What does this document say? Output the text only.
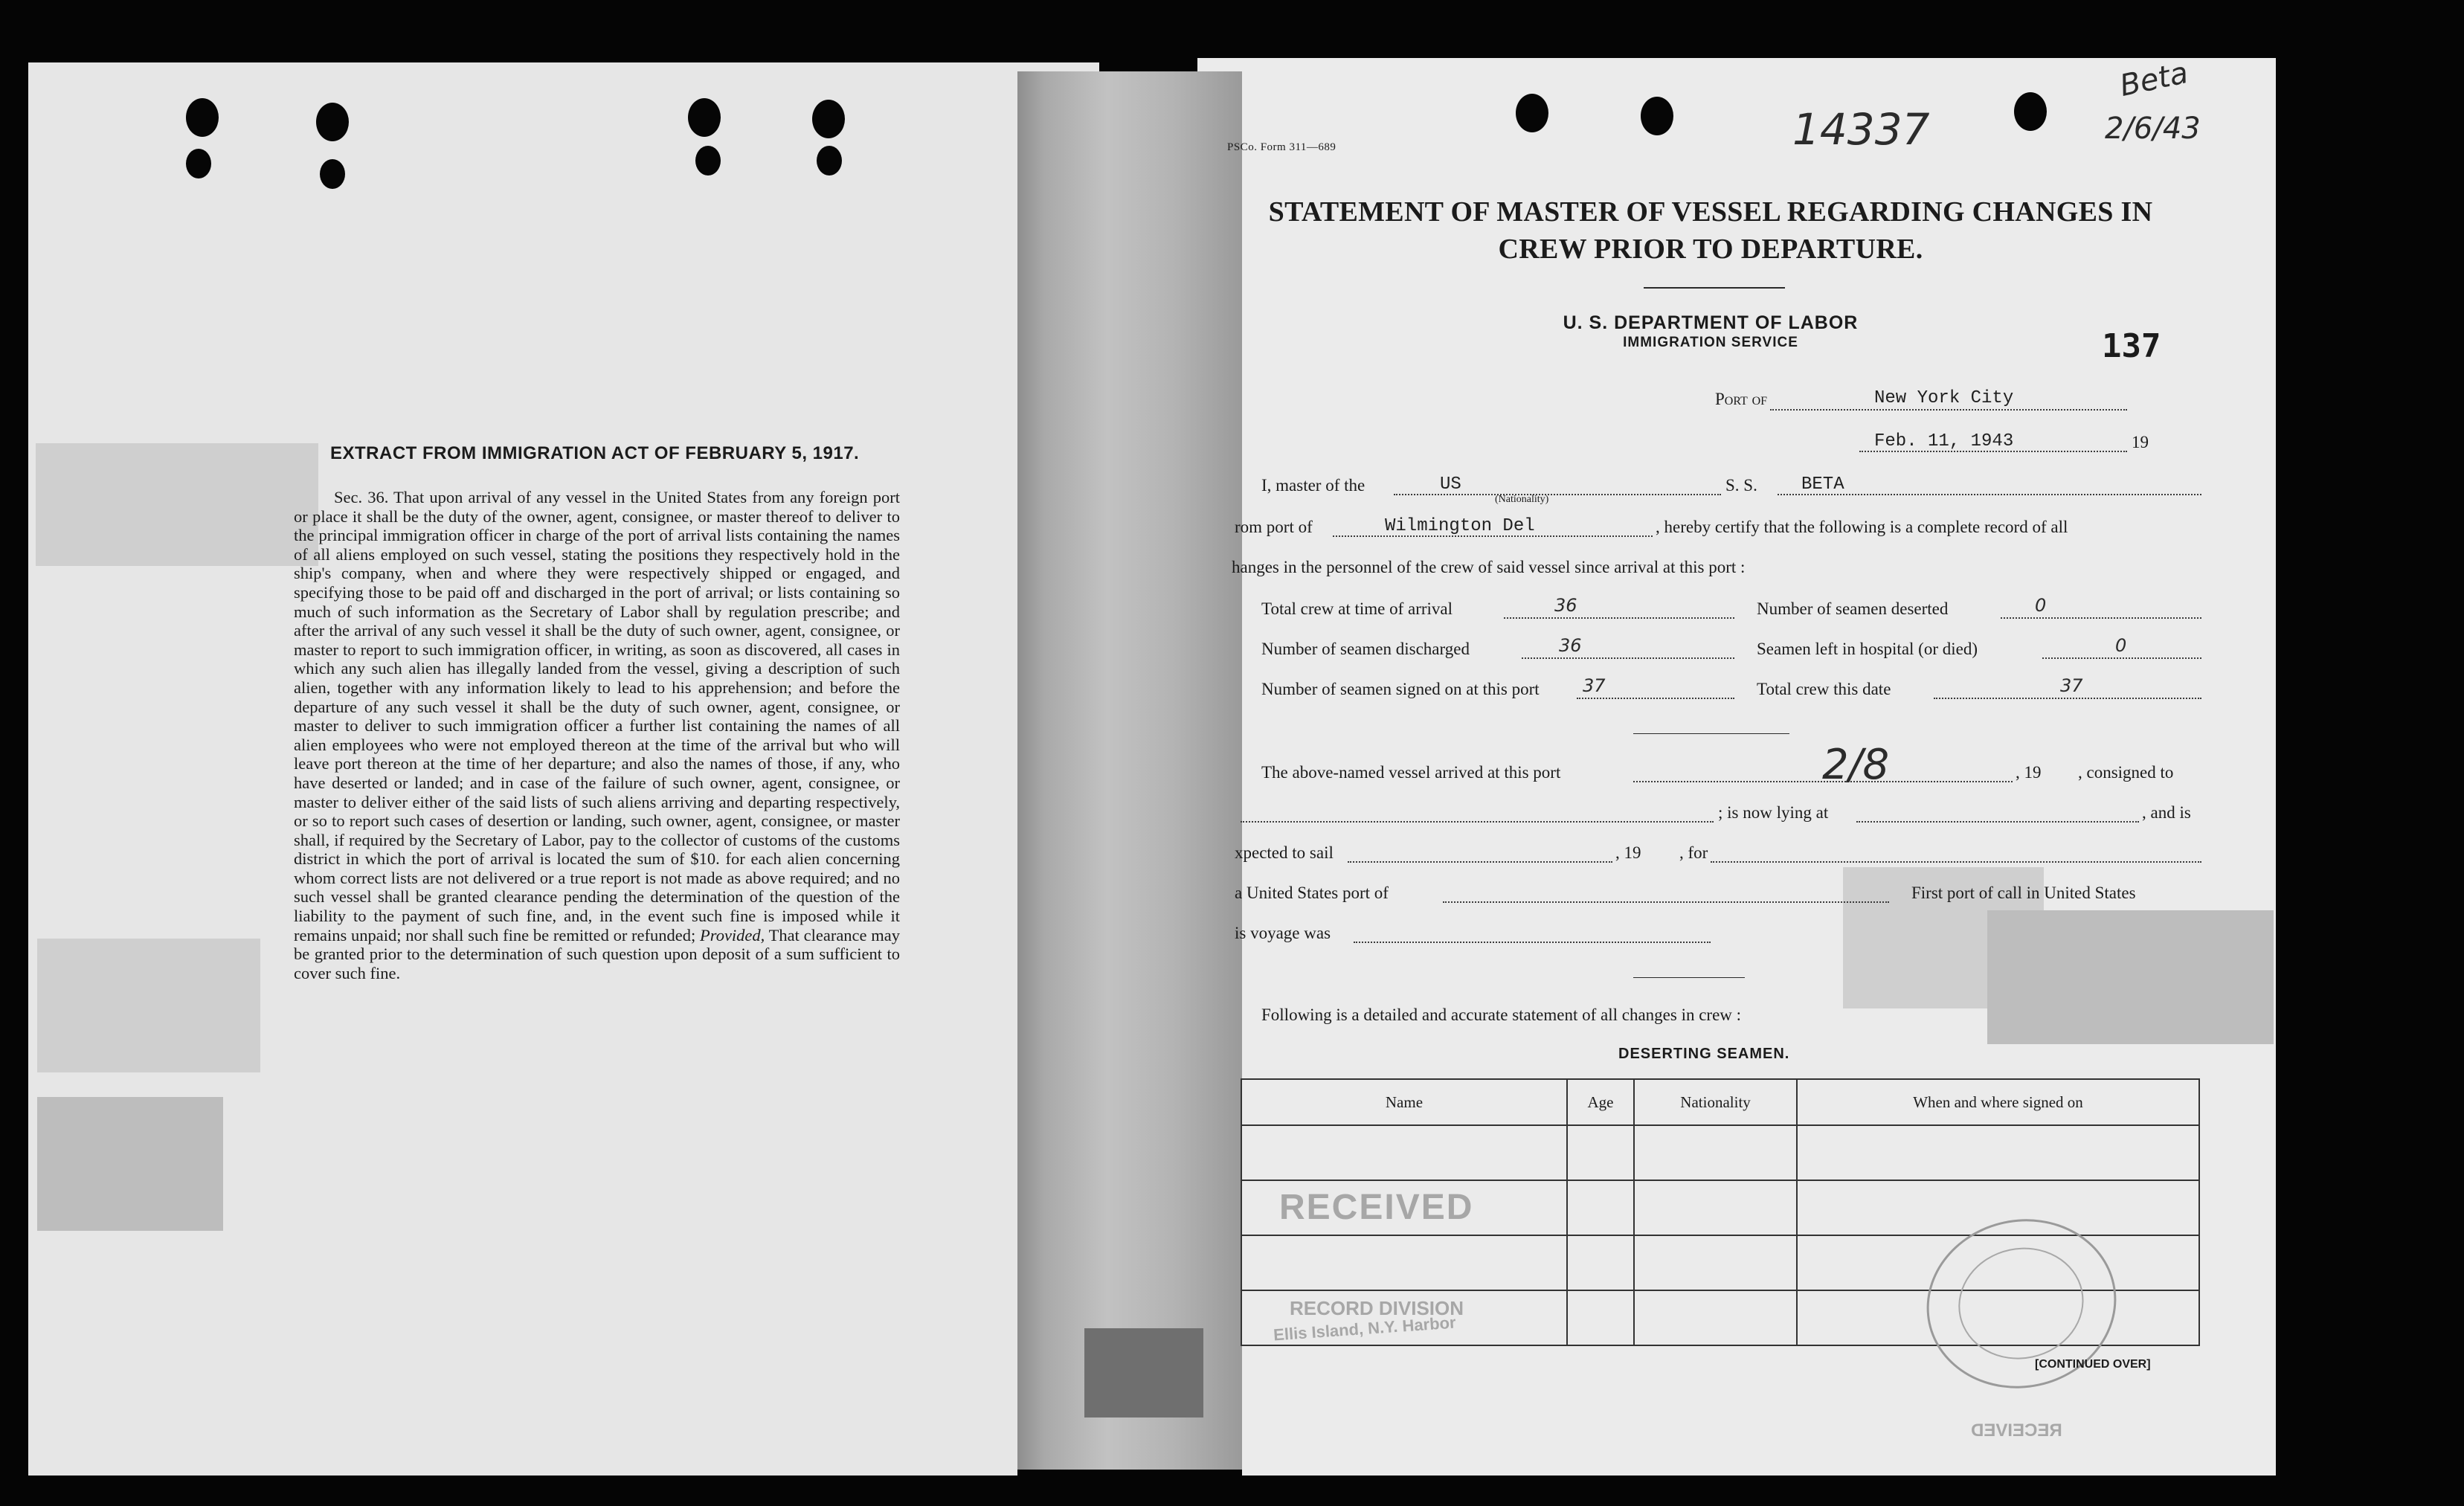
EXTRACT FROM IMMIGRATION ACT OF FEBRUARY 5, 1917.
Sec. 36. That upon arrival of any vessel in the United States from any foreign port or place it shall be the duty of the owner, agent, consignee, or master thereof to deliver to the principal immigration officer in charge of the port of arrival lists containing the names of all aliens employed on such vessel, stating the positions they respectively hold in the ship's company, when and where they were respectively shipped or engaged, and specifying those to be paid off and discharged in the port of arrival; or lists containing so much of such information as the Secretary of Labor shall by regulation prescribe; and after the arrival of any such vessel it shall be the duty of such owner, agent, consignee, or master to report to such immigration officer, in writing, as soon as discovered, all cases in which any such alien has illegally landed from the vessel, giving a description of such alien, together with any information likely to lead to his apprehension; and before the departure of any such vessel it shall be the duty of such owner, agent, consignee, or master to deliver to such immigration officer a further list containing the names of all alien employees who were not employed thereon at the time of the arrival but who will leave port thereon at the time of her departure; and also the names of those, if any, who have deserted or landed; and in case of the failure of such owner, agent, consignee, or master to deliver either of the said lists of such aliens arriving and departing respectively, or so to report such cases of desertion or landing, such owner, agent, consignee, or master shall, if required by the Secretary of Labor, pay to the collector of customs of the customs district in which the port of arrival is located the sum of $10. for each alien concerning whom correct lists are not delivered or a true report is not made as above required; and no such vessel shall be granted clearance pending the determination of the question of the liability to the payment of such fine, and, in the event such fine is imposed while it remains unpaid; nor shall such fine be remitted or refunded; Provided, That clearance may be granted prior to the determination of such question upon deposit of a sum sufficient to cover such fine.
PSCo. Form 311—689	14337
Beta
2/6/43
STATEMENT OF MASTER OF VESSEL REGARDING CHANGES IN
CREW PRIOR TO DEPARTURE.
U. S. DEPARTMENT OF LABOR
IMMIGRATION SERVICE	137
Port of	New York City
Feb. 11, 1943	19
I, master of the	US
(Nationality)
S. S. BETA
rom port of	Wilmington Del	, hereby certify that the following is a complete record of all
hanges in the personnel of the crew of said vessel since arrival at this port :
Total crew at time of arrival	36	Number of seamen deserted	0
Number of seamen discharged	36	Seamen left in hospital (or died)	0
Number of seamen signed on at this port 37	Total crew this date	37
The above-named vessel arrived at this port	2/8	, 19 , consigned to
; is now lying at	, and is
xpected to sail	, 19 , for
a United States port of	First port of call in United States
is voyage was
Following is a detailed and accurate statement of all changes in crew :
DESERTING SEAMEN.
Name	Age	Nationality	When and where signed on

RECEIVED
RECORD DIVISION
Ellis Island, N.Y. Harbor
[CONTINUED OVER]
RECEIVED
